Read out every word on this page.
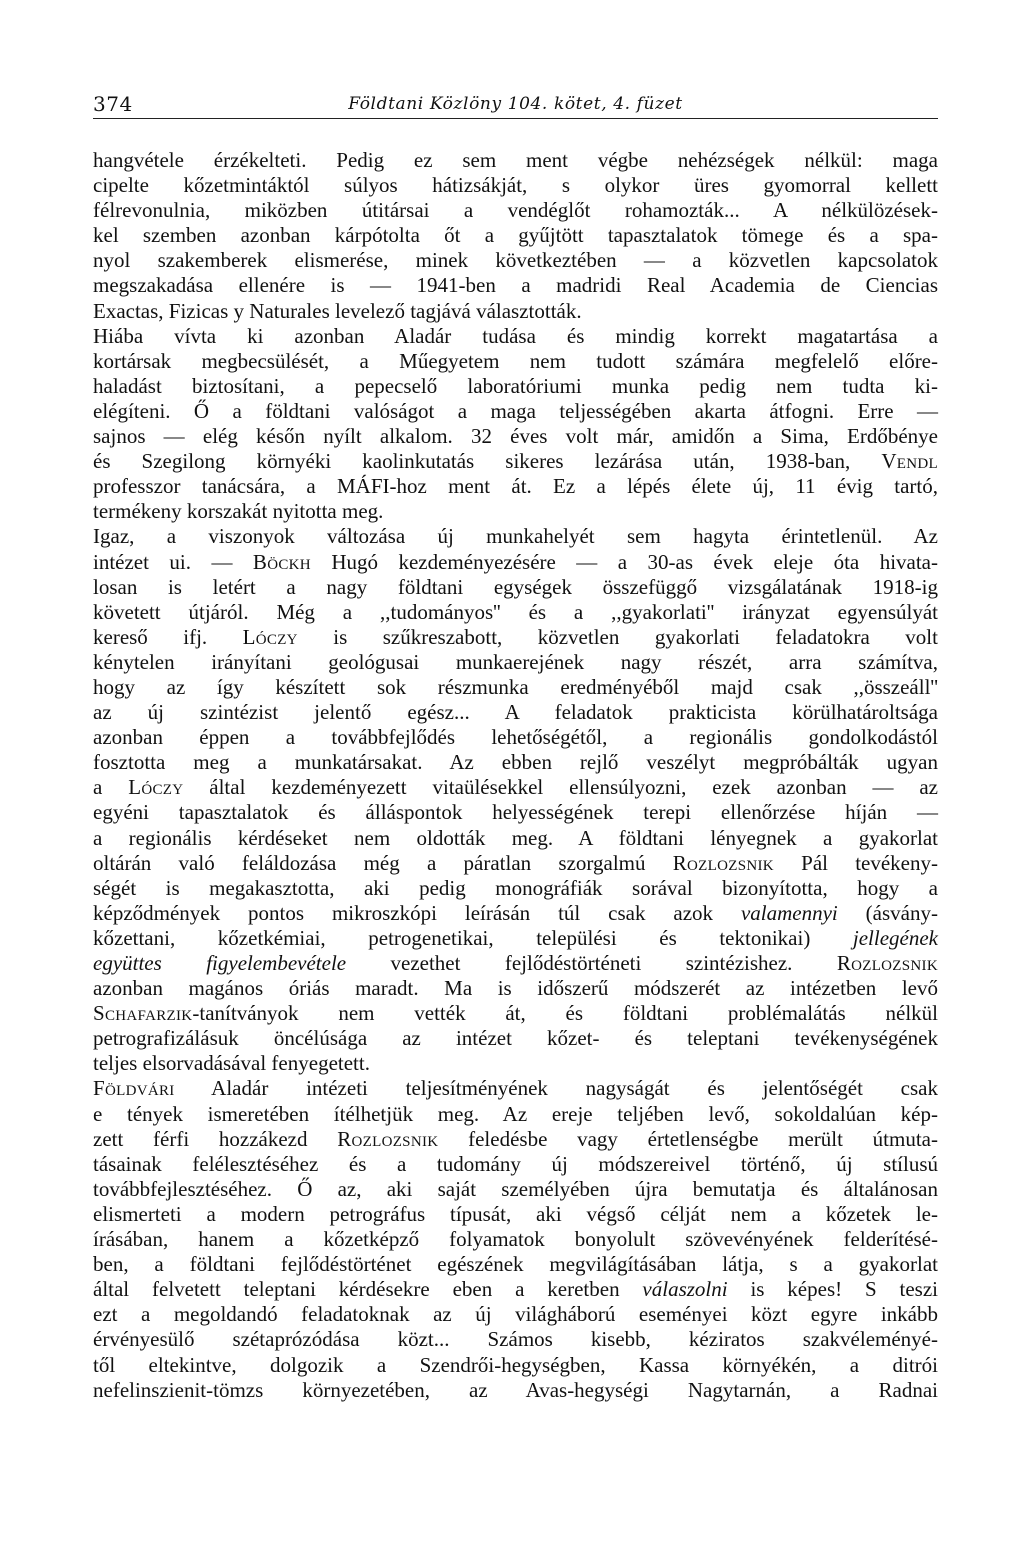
374	Földtani Közlöny 104. kötet, 4. füzet
hangvétele érzékelteti. Pedig ez sem ment végbe nehézségek nélkül: maga
cipelte kőzetmintáktól súlyos hátizsákját, s olykor üres gyomorral kellett
félrevonulnia, miközben útitársai a vendéglőt rohamozták... A nélkülözések-
kel szemben azonban kárpótolta őt a gyűjtött tapasztalatok tömege és a spa-
nyol szakemberek elismerése, minek következtében — a közvetlen kapcsolatok
megszakadása ellenére is — 1941-ben a madridi Real Academia de Ciencias
Exactas, Fizicas y Naturales levelező tagjává választották.
Hiába vívta ki azonban Aladár tudása és mindig korrekt magatartása a
kortársak megbecsülését, a Műegyetem nem tudott számára megfelelő előre-
haladást biztosítani, a pepecselő laboratóriumi munka pedig nem tudta ki-
elégíteni. Ő a földtani valóságot a maga teljességében akarta átfogni. Erre —
sajnos — elég későn nyílt alkalom. 32 éves volt már, amidőn a Sima, Erdőbénye
és Szegilong környéki kaolinkutatás sikeres lezárása után, 1938-ban, Vendl
professzor tanácsára, a MÁFI-hoz ment át. Ez a lépés élete új, 11 évig tartó,
termékeny korszakát nyitotta meg.
Igaz, a viszonyok változása új munkahelyét sem hagyta érintetlenül. Az
intézet ui. — Böckh Hugó kezdeményezésére — a 30-as évek eleje óta hivata-
losan is letért a nagy földtani egységek összefüggő vizsgálatának 1918-ig
követett útjáról. Még a ,,tudományos'' és a ,,gyakorlati'' irányzat egyensúlyát
kereső ifj. Lóczy is szűkreszabott, közvetlen gyakorlati feladatokra volt
kénytelen irányítani geológusai munkaerejének nagy részét, arra számítva,
hogy az így készített sok részmunka eredményéből majd csak ,,összeáll''
az új szintézist jelentő egész... A feladatok prakticista körülhatároltsága
azonban éppen a továbbfejlődés lehetőségétől, a regionális gondolkodástól
fosztotta meg a munkatársakat. Az ebben rejlő veszélyt megpróbálták ugyan
a Lóczy által kezdeményezett vitaülésekkel ellensúlyozni, ezek azonban — az
egyéni tapasztalatok és álláspontok helyességének terepi ellenőrzése híján —
a regionális kérdéseket nem oldották meg. A földtani lényegnek a gyakorlat
oltárán való feláldozása még a páratlan szorgalmú Rozlozsnik Pál tevékeny-
ségét is megakasztotta, aki pedig monográfiák sorával bizonyította, hogy a
képződmények pontos mikroszkópi leírásán túl csak azok valamennyi (ásvány-
kőzettani, kőzetkémiai, petrogenetikai, települési és tektonikai) jellegének
együttes figyelembevétele vezethet fejlődéstörténeti szintézishez. Rozlozsnik
azonban magános óriás maradt. Ma is időszerű módszerét az intézetben levő
Schafarzik-tanítványok nem vették át, és földtani problémalátás nélkül
petrografizálásuk öncélúsága az intézet kőzet- és teleptani tevékenységének
teljes elsorvadásával fenyegetett.
Földvári Aladár intézeti teljesítményének nagyságát és jelentőségét csak
e tények ismeretében ítélhetjük meg. Az ereje teljében levő, sokoldalúan kép-
zett férfi hozzákezd Rozlozsnik feledésbe vagy értetlenségbe merült útmuta-
tásainak felélesztéséhez és a tudomány új módszereivel történő, új stílusú
továbbfejlesztéséhez. Ő az, aki saját személyében újra bemutatja és általánosan
elismerteti a modern petrográfus típusát, aki végső célját nem a kőzetek le-
írásában, hanem a kőzetképző folyamatok bonyolult szövevényének felderítésé-
ben, a földtani fejlődéstörténet egészének megvilágításában látja, s a gyakorlat
által felvetett teleptani kérdésekre eben a keretben válaszolni is képes! S teszi
ezt a megoldandó feladatoknak az új világháború eseményei közt egyre inkább
érvényesülő szétaprózódása közt... Számos kisebb, kéziratos szakvéleményé-
től eltekintve, dolgozik a Szendrői-hegységben, Kassa környékén, a ditrói
nefelinszienit-tömzs környezetében, az Avas-hegységi Nagytarnán, a Radnai
